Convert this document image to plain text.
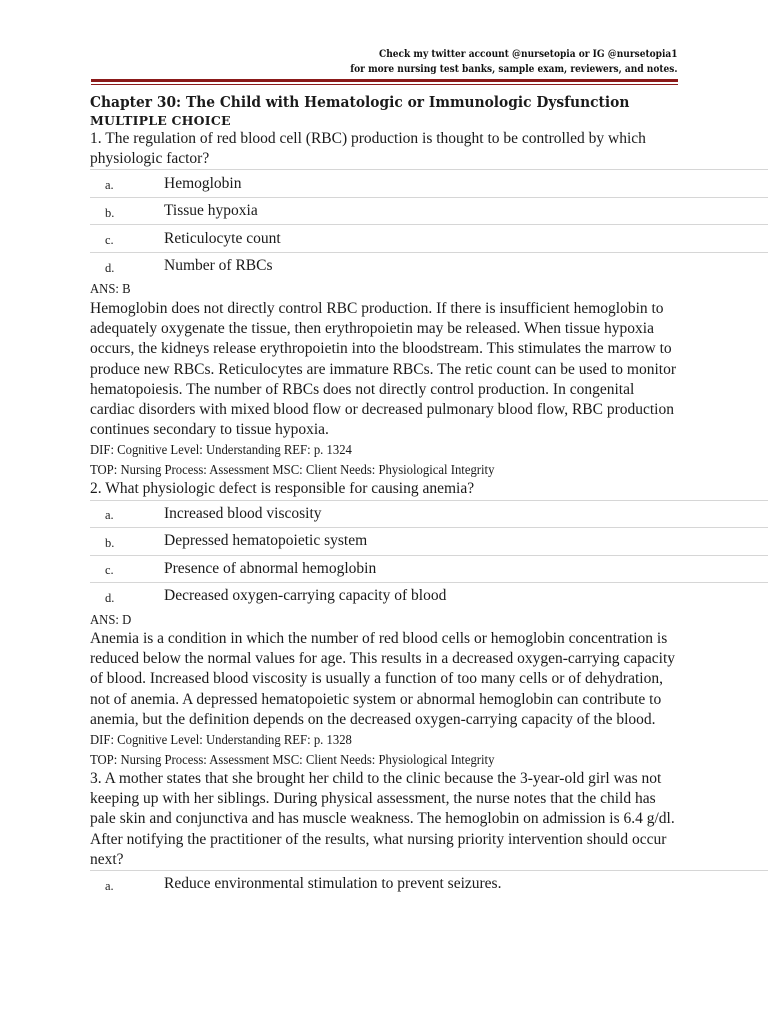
Check my twitter account @nursetopia or IG @nursetopia1
for more nursing test banks, sample exam, reviewers, and notes.

Chapter 30: The Child with Hematologic or Immunologic Dysfunction

MULTIPLE CHOICE

1. The regulation of red blood cell (RBC) production is thought to be controlled by which physiologic factor?

a.	Hemoglobin
b.	Tissue hypoxia
c.	Reticulocyte count
d.	Number of RBCs

ANS: B

Hemoglobin does not directly control RBC production. If there is insufficient hemoglobin to adequately oxygenate the tissue, then erythropoietin may be released. When tissue hypoxia occurs, the kidneys release erythropoietin into the bloodstream. This stimulates the marrow to produce new RBCs. Reticulocytes are immature RBCs. The retic count can be used to monitor hematopoiesis. The number of RBCs does not directly control production. In congenital cardiac disorders with mixed blood flow or decreased pulmonary blood flow, RBC production continues secondary to tissue hypoxia.

DIF: Cognitive Level: Understanding REF: p. 1324

TOP: Nursing Process: Assessment MSC: Client Needs: Physiological Integrity

2. What physiologic defect is responsible for causing anemia?

a.	Increased blood viscosity
b.	Depressed hematopoietic system
c.	Presence of abnormal hemoglobin
d.	Decreased oxygen-carrying capacity of blood

ANS: D

Anemia is a condition in which the number of red blood cells or hemoglobin concentration is reduced below the normal values for age. This results in a decreased oxygen-carrying capacity of blood. Increased blood viscosity is usually a function of too many cells or of dehydration, not of anemia. A depressed hematopoietic system or abnormal hemoglobin can contribute to anemia, but the definition depends on the decreased oxygen-carrying capacity of the blood.

DIF: Cognitive Level: Understanding REF: p. 1328

TOP: Nursing Process: Assessment MSC: Client Needs: Physiological Integrity

3. A mother states that she brought her child to the clinic because the 3-year-old girl was not keeping up with her siblings. During physical assessment, the nurse notes that the child has pale skin and conjunctiva and has muscle weakness. The hemoglobin on admission is 6.4 g/dl. After notifying the practitioner of the results, what nursing priority intervention should occur next?

a.	Reduce environmental stimulation to prevent seizures.
